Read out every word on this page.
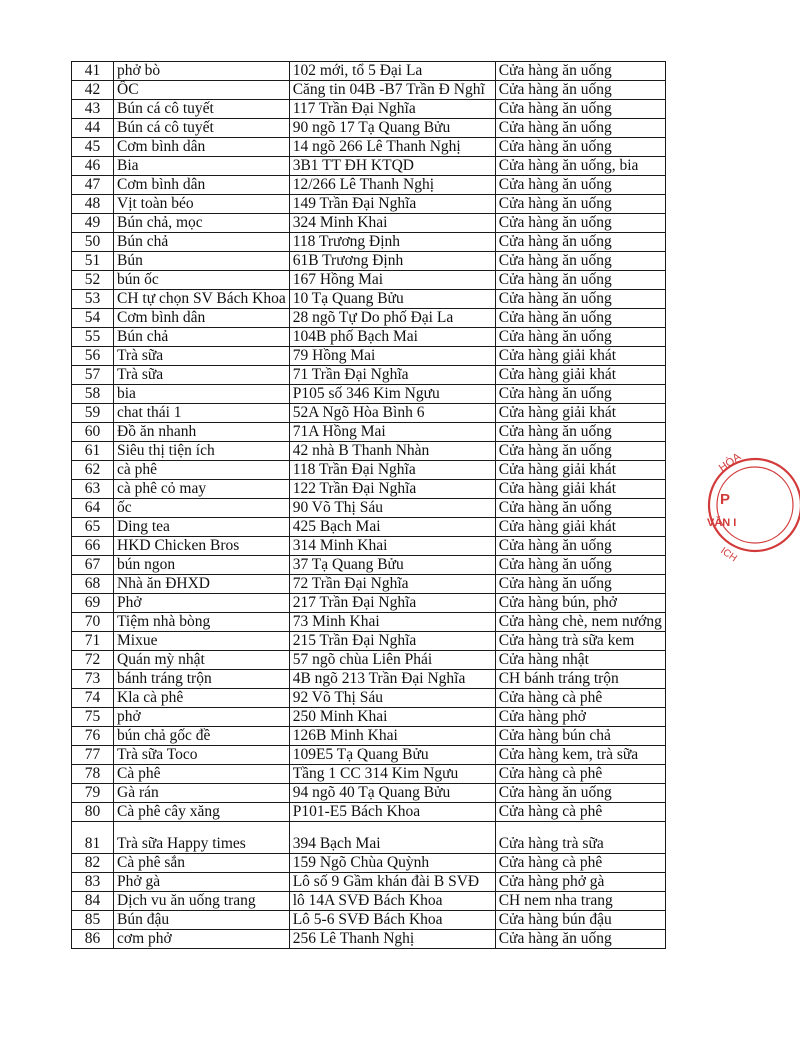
41	phở bò	102 mới, tổ 5 Đại La	Cửa hàng ăn uống
42	ỐC	Căng tin 04B -B7 Trần Đ Nghĩ	Cửa hàng ăn uống
43	Bún cá cô tuyết	117 Trần Đại Nghĩa	Cửa hàng ăn uống
44	Bún cá cô tuyết	90 ngõ 17 Tạ Quang Bửu	Cửa hàng ăn uống
45	Cơm bình dân	14 ngõ 266 Lê Thanh Nghị	Cửa hàng ăn uống
46	Bia	3B1 TT ĐH KTQD	Cửa hàng ăn uống, bia
47	Cơm bình dân	12/266 Lê Thanh Nghị	Cửa hàng ăn uống
48	Vịt toàn béo	149 Trần Đại Nghĩa	Cửa hàng ăn uống
49	Bún chả, mọc	324 Minh Khai	Cửa hàng ăn uống
50	Bún chả	118 Trương Định	Cửa hàng ăn uống
51	Bún	61B Trương Định	Cửa hàng ăn uống
52	bún ốc	167 Hồng Mai	Cửa hàng ăn uống
53	CH tự chọn SV Bách Khoa	10 Tạ Quang Bửu	Cửa hàng ăn uống
54	Cơm bình dân	28 ngõ Tự Do phố Đại La	Cửa hàng ăn uống
55	Bún chả	104B phố Bạch Mai	Cửa hàng ăn uống
56	Trà sữa	79 Hồng Mai	Cửa hàng giải khát
57	Trà sữa	71 Trần Đại Nghĩa	Cửa hàng giải khát
58	bia	P105 số 346 Kim Ngưu	Cửa hàng ăn uống
59	chat thái 1	52A Ngõ Hòa Bình 6	Cửa hàng giải khát
60	Đồ ăn nhanh	71A Hồng Mai	Cửa hàng ăn uống
61	Siêu thị tiện ích	42 nhà B Thanh Nhàn	Cửa hàng ăn uống
62	cà phê	118 Trần Đại Nghĩa	Cửa hàng giải khát
63	cà phê cỏ may	122 Trần Đại Nghĩa	Cửa hàng giải khát
64	ốc	90 Võ Thị Sáu	Cửa hàng ăn uống
65	Ding tea	425 Bạch Mai	Cửa hàng giải khát
66	HKD Chicken Bros	314 Minh Khai	Cửa hàng ăn uống
67	bún ngon	37 Tạ Quang Bửu	Cửa hàng ăn uống
68	Nhà ăn ĐHXD	72 Trần Đại Nghĩa	Cửa hàng ăn uống
69	Phở	217 Trần Đại Nghĩa	Cửa hàng bún, phở
70	Tiệm nhà bòng	73 Minh Khai	Cửa hàng chè, nem nướng
71	Mixue	215 Trần Đại Nghĩa	Cửa hàng trà sữa kem
72	Quán mỳ nhật	57 ngõ chùa Liên Phái	Cửa hàng nhật
73	bánh tráng trộn	4B ngõ 213 Trần Đại Nghĩa	CH bánh tráng trộn
74	Kla cà phê	92 Võ Thị Sáu	Cửa hàng cà phê
75	phở	250 Minh Khai	Cửa hàng phở
76	bún chả gốc đề	126B Minh Khai	Cửa hàng bún chả
77	Trà sữa Toco	109E5 Tạ Quang Bửu	Cửa hàng kem, trà sữa
78	Cà phê	Tầng 1 CC 314 Kim Ngưu	Cửa hàng cà phê
79	Gà rán	94 ngõ 40 Tạ Quang Bửu	Cửa hàng ăn uống
80	Cà phê cây xăng	P101-E5 Bách Khoa	Cửa hàng cà phê
81	Trà sữa Happy times	394 Bạch Mai	Cửa hàng trà sữa
82	Cà phê sắn	159 Ngõ Chùa Quỳnh	Cửa hàng cà phê
83	Phở gà	Lô số 9 Gầm khán đài B SVĐ	Cửa hàng phở gà
84	Dịch vu ăn uống trang	lô 14A SVĐ Bách Khoa	CH nem nha trang
85	Bún đậu	Lô 5-6 SVĐ Bách Khoa	Cửa hàng bún đậu
86	cơm phở	256 Lê Thanh Nghị	Cửa hàng ăn uống
HÒA
P
VĂN I
ICH
